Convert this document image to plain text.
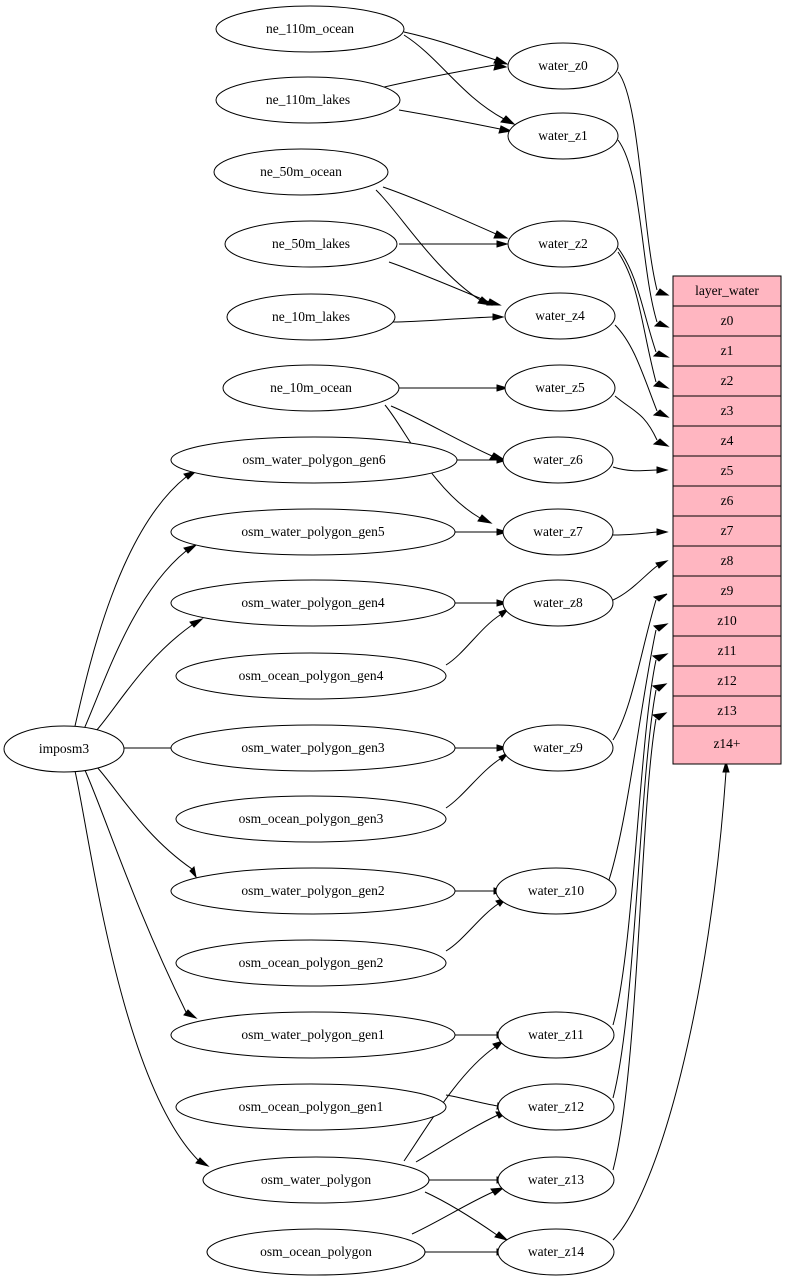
layer_water
z0
z1
z2
z3
z4
z5
z6
z7
z8
z9
z10
z11
z12
z13
z14+
imposm3
ne_110m_ocean
ne_110m_lakes
ne_50m_ocean
ne_50m_lakes
ne_10m_lakes
ne_10m_ocean
osm_water_polygon_gen6
osm_water_polygon_gen5
osm_water_polygon_gen4
osm_ocean_polygon_gen4
osm_water_polygon_gen3
osm_ocean_polygon_gen3
osm_water_polygon_gen2
osm_ocean_polygon_gen2
osm_water_polygon_gen1
osm_ocean_polygon_gen1
osm_water_polygon
osm_ocean_polygon
water_z0
water_z1
water_z2
water_z4
water_z5
water_z6
water_z7
water_z8
water_z9
water_z10
water_z11
water_z12
water_z13
water_z14
